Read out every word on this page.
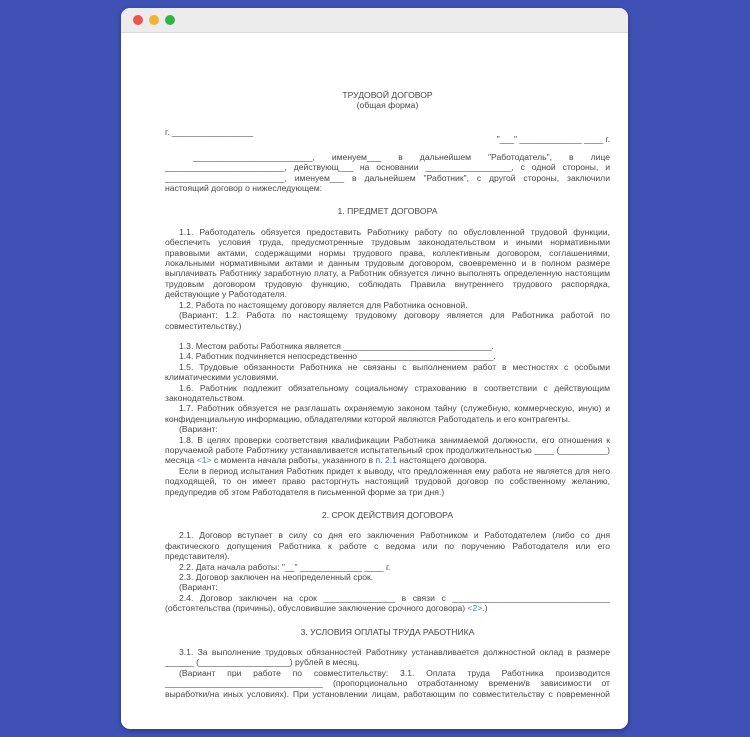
ТРУДОВОЙ ДОГОВОР
(общая форма)
г. _________________
"___" _____________ ____ г.

_________________________, именуем___ в дальнейшем "Работодатель", в лице _________________________, действующ___ на основании __________________, с одной стороны, и _________________________, именуем___ в дальнейшем "Работник", с другой стороны, заключили настоящий договор о нижеследующем:

1. ПРЕДМЕТ ДОГОВОРА

1.1. Работодатель обязуется предоставить Работнику работу по обусловленной трудовой функции, обеспечить условия труда, предусмотренные трудовым законодательством и иными нормативными правовыми актами, содержащими нормы трудового права, коллективным договором, соглашениями, локальными нормативными актами и данным трудовым договором, своевременно и в полном размере выплачивать Работнику заработную плату, а Работник обязуется лично выполнять определенную настоящим трудовым договором трудовую функцию, соблюдать Правила внутреннего трудового распорядка, действующие у Работодателя.

1.2. Работа по настоящему договору является для Работника основной.

(Вариант: 1.2. Работа по настоящему трудовому договору является для Работника работой по совместительству.)

1.3. Местом работы Работника является _______________________________.

1.4. Работник подчиняется непосредственно ____________________________.

1.5. Трудовые обязанности Работника не связаны с выполнением работ в местностях с особыми климатическими условиями.

1.6. Работник подлежит обязательному социальному страхованию в соответствии с действующим законодательством.

1.7. Работник обязуется не разглашать охраняемую законом тайну (служебную, коммерческую, иную) и конфиденциальную информацию, обладателями которой являются Работодатель и его контрагенты.

(Вариант:

1.8. В целях проверки соответствия квалификации Работника занимаемой должности, его отношения к поручаемой работе Работнику устанавливается испытательный срок продолжительностью ____ (__________) месяца <1> с момента начала работы, указанного в п. 2.1 настоящего договора.

Если в период испытания Работник придет к выводу, что предложенная ему работа не является для него подходящей, то он имеет право расторгнуть настоящий трудовой договор по собственному желанию, предупредив об этом Работодателя в письменной форме за три дня.)

2. СРОК ДЕЙСТВИЯ ДОГОВОРА

2.1. Договор вступает в силу со дня его заключения Работником и Работодателем (либо со дня фактического допущения Работника к работе с ведома или по поручению Работодателя или его представителя).

2.2. Дата начала работы: "__" _____________ ____ г.

2.3. Договор заключен на неопределенный срок.

(Вариант:

2.4. Договор заключен на срок _______________ в связи с _________________________________ (обстоятельства (причины), обусловившие заключение срочного договора) <2>.)

3. УСЛОВИЯ ОПЛАТЫ ТРУДА РАБОТНИКА

3.1. За выполнение трудовых обязанностей Работнику устанавливается должностной оклад в размере ______ (___________________) рублей в месяц.

(Вариант при работе по совместительству: 3.1. Оплата труда Работника производится _________________________________ (пропорционально отработанному времени/в зависимости от выработки/на иных условиях). При установлении лицам, работающим по совместительству с повременной
